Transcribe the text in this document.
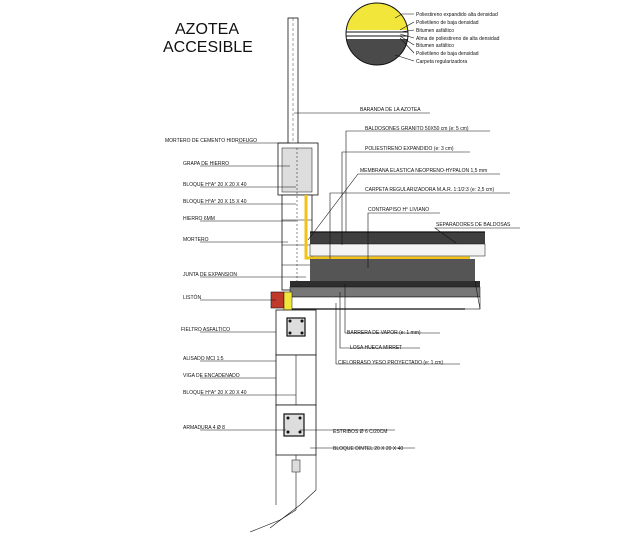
AZOTEA
ACCESIBLE
Poliestireno expandido alta densidad
Polietileno de baja densidad
Bitumen asfáltico
Alma de poliestireno de alta densidad
Bitumen asfáltico
Polietileno de baja densidad
Carpeta regularizadora
MORTERO DE CEMENTO HIDROFUGO
GRAPA DE HIERRO
BLOQUE H°A° 20 X 20 X 40
BLOQUE H°A° 20 X 15 X 40
HIERRO 6MM
MORTERO
JUNTA DE EXPANSION
LISTÓN
FIELTRO ASFALTICO
ALISADO MCI 1:5
VIGA DE ENCADENADO
BLOQUE H°A° 20 X 20 X 40
ARMADURA 4 Ø 8
BARANDA DE LA AZOTEA
BALDOSONES GRANITO 50X50 cm (e: 5 cm)
POLIESTIRENO EXPANDIDO (e: 3 cm)
MEMBRANA ELASTICA NEOPRENO-HYPALON 1,5 mm
CARPETA REGULARIZADORA M.A.R. 1:1/2:3 (e: 2,5 cm)
CONTRAPISO H° LIVIANO
SEPARADORES DE BALDOSAS
BARRERA DE VAPOR (e: 1 mm)
LOSA HUECA MIRRET
CIELORRASO YESO PROYECTADO (e: 1 cm)
ESTRIBOS Ø 6 C/20CM
BLOQUE DINTEL 20 X 20 X 40
